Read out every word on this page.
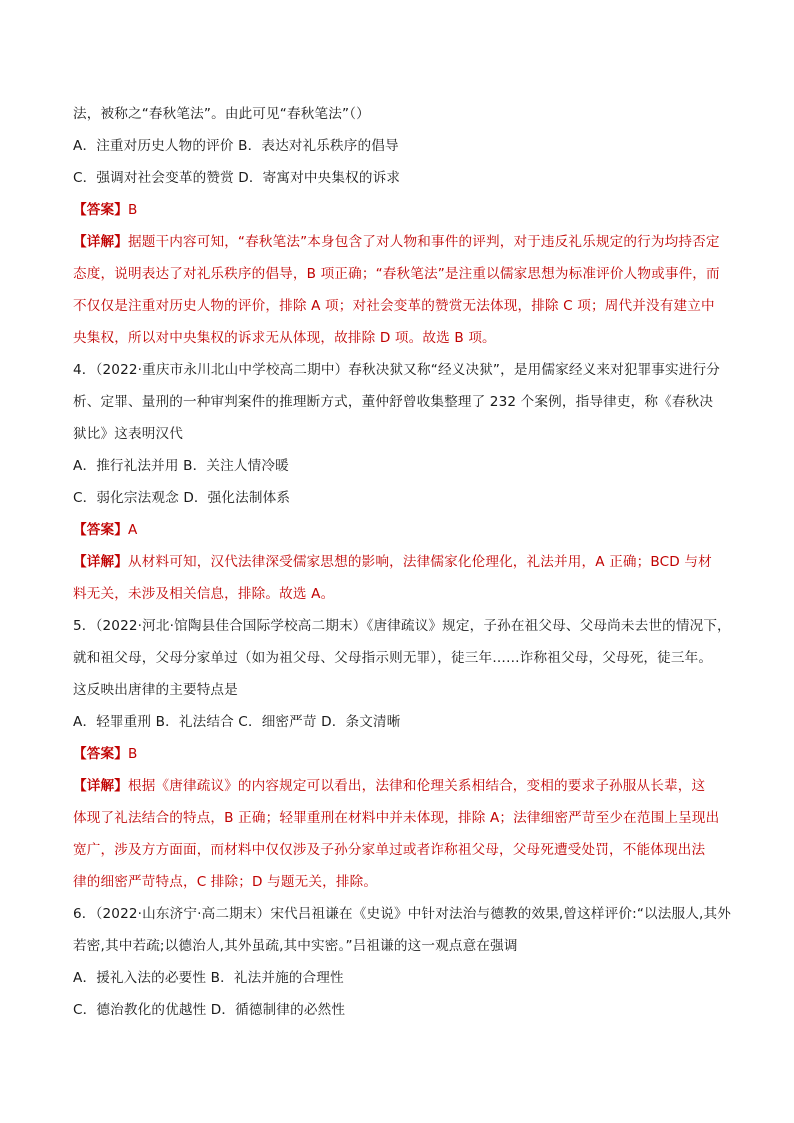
法，被称之“春秋笔法”。由此可见“春秋笔法”（）
A．注重对历史人物的评价 B．表达对礼乐秩序的倡导
C．强调对社会变革的赞赏 D．寄寓对中央集权的诉求
【答案】B
【详解】据题干内容可知，“春秋笔法”本身包含了对人物和事件的评判，对于违反礼乐规定的行为均持否定
态度，说明表达了对礼乐秩序的倡导，B 项正确；“春秋笔法”是注重以儒家思想为标准评价人物或事件，而
不仅仅是注重对历史人物的评价，排除 A 项；对社会变革的赞赏无法体现，排除 C 项；周代并没有建立中
央集权，所以对中央集权的诉求无从体现，故排除 D 项。故选 B 项。
4．（2022·重庆市永川北山中学校高二期中）春秋决狱又称“经义决狱”，是用儒家经义来对犯罪事实进行分
析、定罪、量刑的一种审判案件的推理断方式，董仲舒曾收集整理了 232 个案例，指导律吏，称《春秋决
狱比》这表明汉代
A．推行礼法并用 B．关注人情冷暖
C．弱化宗法观念 D．强化法制体系
【答案】A
【详解】从材料可知，汉代法律深受儒家思想的影响，法律儒家化伦理化，礼法并用，A 正确；BCD 与材
料无关，未涉及相关信息，排除。故选 A。
5．（2022·河北·馆陶县佳合国际学校高二期末）《唐律疏议》规定，子孙在祖父母、父母尚未去世的情况下，
就和祖父母，父母分家单过（如为祖父母、父母指示则无罪），徒三年……诈称祖父母，父母死，徒三年。
这反映出唐律的主要特点是
A．轻罪重刑 B．礼法结合 C．细密严苛 D．条文清晰
【答案】B
【详解】根据《唐律疏议》的内容规定可以看出，法律和伦理关系相结合，变相的要求子孙服从长辈，这
体现了礼法结合的特点，B 正确；轻罪重刑在材料中并未体现，排除 A；法律细密严苛至少在范围上呈现出
宽广，涉及方方面面，而材料中仅仅涉及子孙分家单过或者诈称祖父母，父母死遭受处罚，不能体现出法
律的细密严苛特点，C 排除；D 与题无关，排除。
6．（2022·山东济宁·高二期末）宋代吕祖谦在《史说》中针对法治与德教的效果,曾这样评价:“以法服人,其外
若密,其中若疏;以德治人,其外虽疏,其中实密。”吕祖谦的这一观点意在强调
A．援礼入法的必要性 B．礼法并施的合理性
C．德治教化的优越性 D．循德制律的必然性
